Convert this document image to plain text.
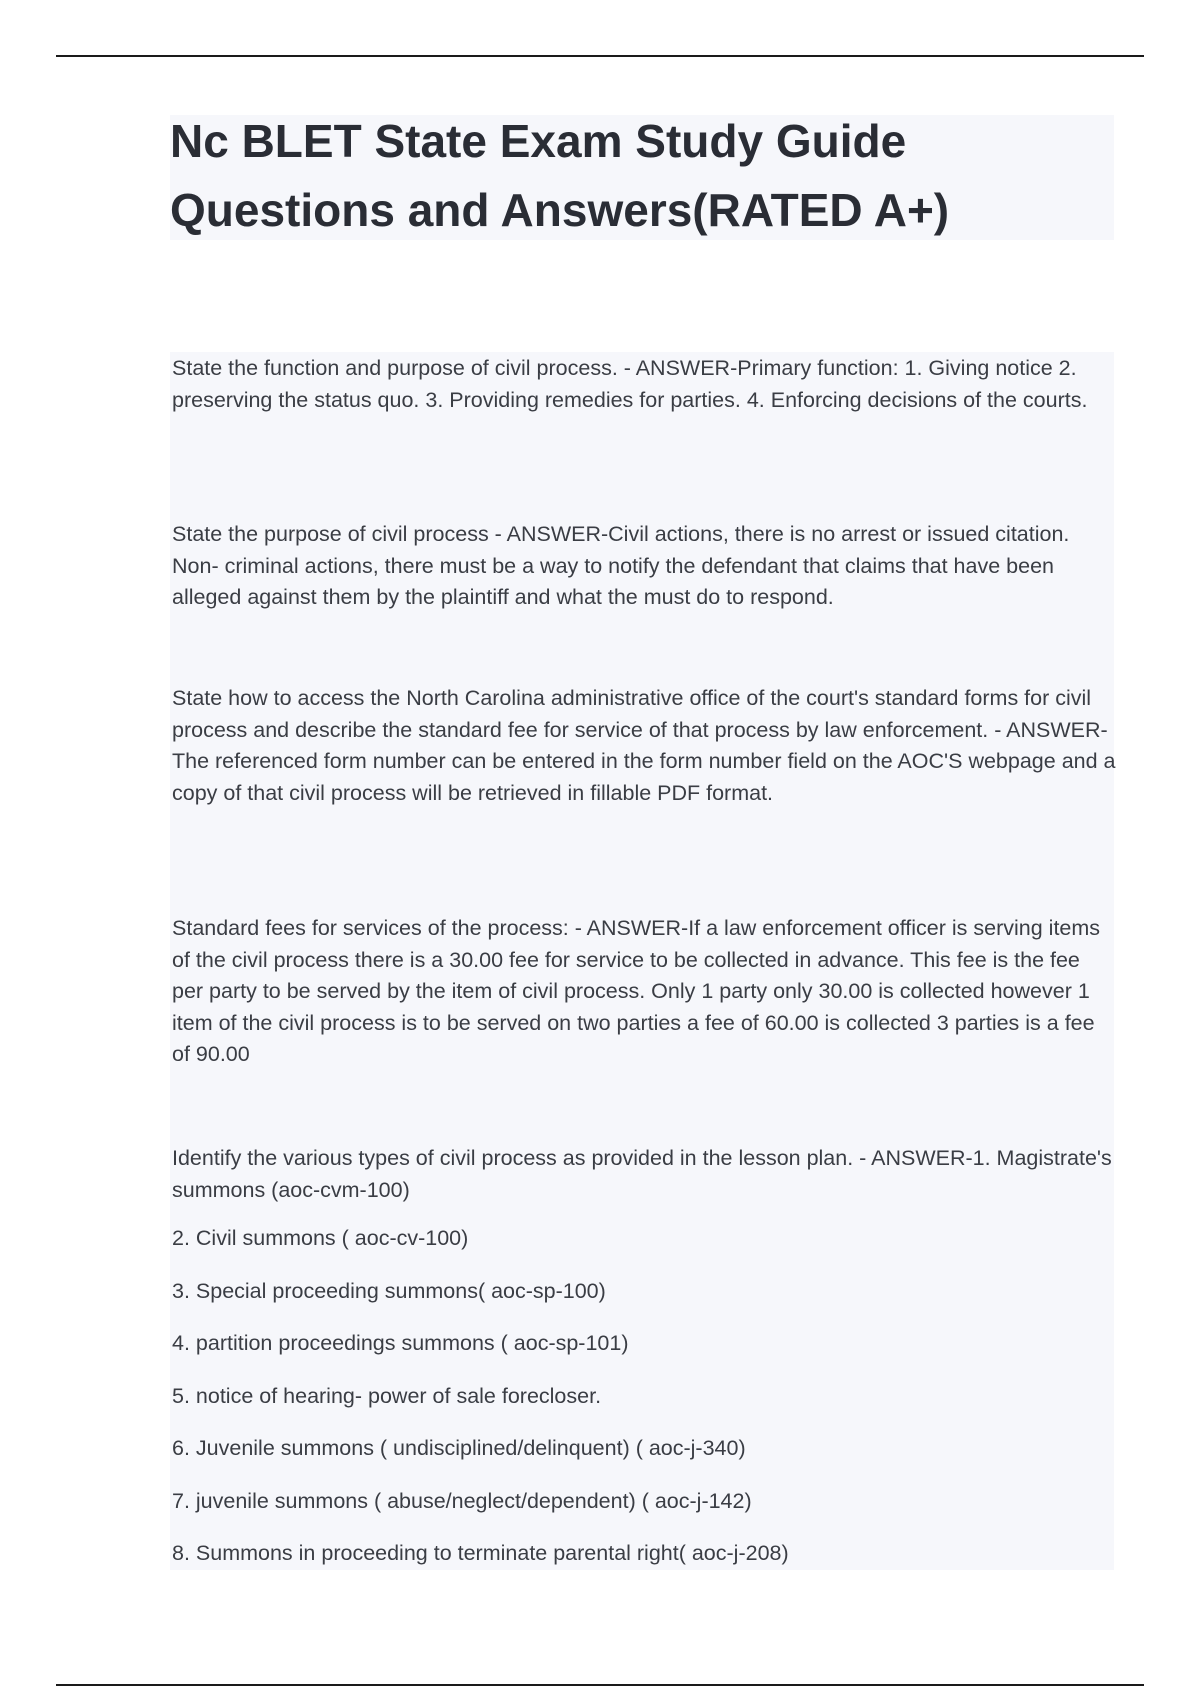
Nc BLET State Exam Study Guide Questions and Answers(RATED A+)

State the function and purpose of civil process. - ANSWER-Primary function: 1. Giving notice 2. preserving the status quo. 3. Providing remedies for parties. 4. Enforcing decisions of the courts.

State the purpose of civil process - ANSWER-Civil actions, there is no arrest or issued citation. Non- criminal actions, there must be a way to notify the defendant that claims that have been alleged against them by the plaintiff and what the must do to respond.

State how to access the North Carolina administrative office of the court's standard forms for civil process and describe the standard fee for service of that process by law enforcement. - ANSWER-The referenced form number can be entered in the form number field on the AOC'S webpage and a copy of that civil process will be retrieved in fillable PDF format.

Standard fees for services of the process: - ANSWER-If a law enforcement officer is serving items of the civil process there is a 30.00 fee for service to be collected in advance. This fee is the fee per party to be served by the item of civil process. Only 1 party only 30.00 is collected however 1 item of the civil process is to be served on two parties a fee of 60.00 is collected 3 parties is a fee of 90.00

Identify the various types of civil process as provided in the lesson plan. - ANSWER-1. Magistrate's summons (aoc-cvm-100)

2. Civil summons ( aoc-cv-100)
3. Special proceeding summons( aoc-sp-100)
4. partition proceedings summons ( aoc-sp-101)
5. notice of hearing- power of sale forecloser.
6. Juvenile summons ( undisciplined/delinquent) ( aoc-j-340)
7. juvenile summons ( abuse/neglect/dependent) ( aoc-j-142)
8. Summons in proceeding to terminate parental right( aoc-j-208)
